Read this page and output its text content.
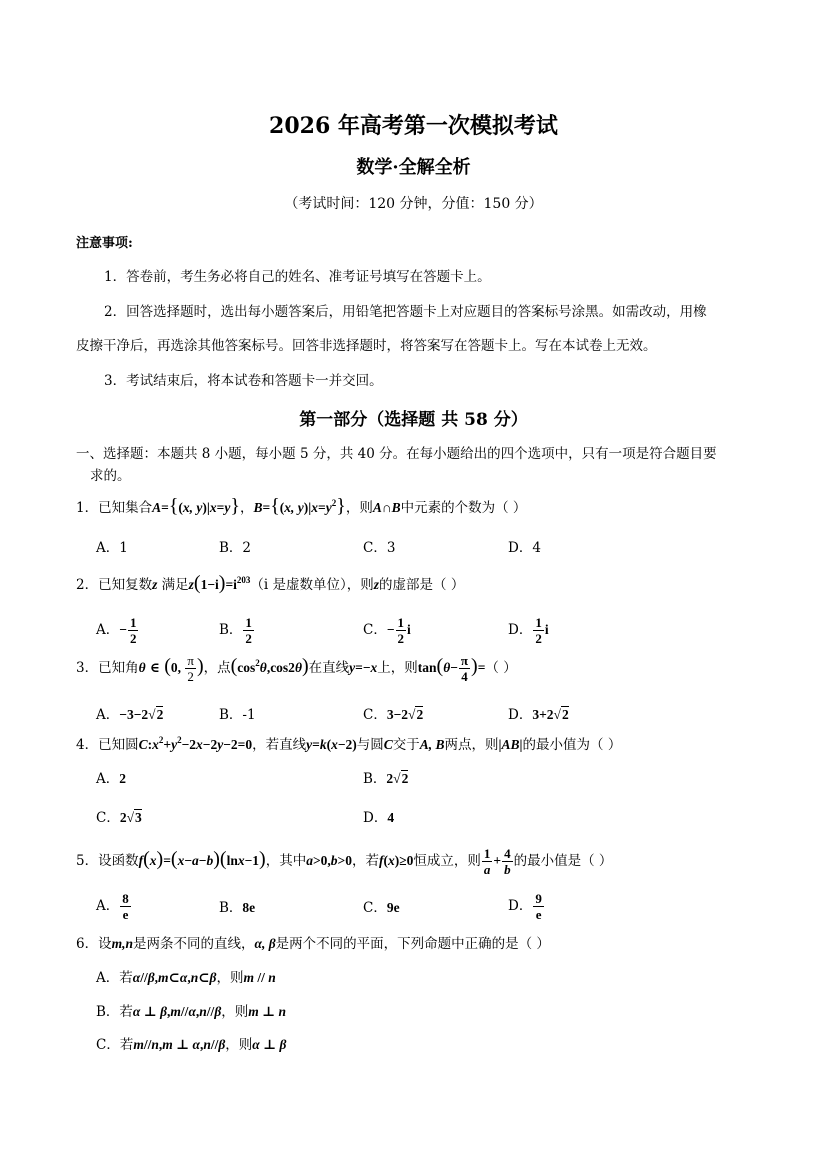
2026 年高考第一次模拟考试
数学·全解全析
（考试时间：120 分钟，分值：150 分）
注意事项:
1．答卷前，考生务必将自己的姓名、准考证号填写在答题卡上。
2．回答选择题时，选出每小题答案后，用铅笔把答题卡上对应题目的答案标号涂黑。如需改动，用橡
皮擦干净后，再选涂其他答案标号。回答非选择题时，将答案写在答题卡上。写在本试卷上无效。
3．考试结束后，将本试卷和答题卡一并交回。
第一部分（选择题 共 58 分）
一、选择题：本题共 8 小题，每小题 5 分，共 40 分。在每小题给出的四个选项中，只有一项是符合题目要
求的。
1．已知集合A={(x, y)|x=y}，B={(x, $y)|x=y^2$}，则A∩B中元素的个数为（ ）
A．1	B．2	C．3	D．4
2．已知复数z 满足$z(1-i)=i^{203}(i$ 是虚数单位），则z的虚部是（ ）
A．− $\frac{1}{2}$	B． $\frac{1}{2}$	C．− $\frac{1}{2}$ i	D． $\frac{1}{2}$ i
3．已知角θ ∈ (0, $\frac{\pi}{2}$ )，点$(\cos^2\theta,\cos 2\theta)$在直线y=−x上，则$\tan(\theta- \frac{\pi}{4}$ )=（ ）
A．−3−2√2	B．-1	C．3−2√2	D．3+2√2
4．已知圆$C:x^2+y^2-2x-2y-2=0$，若直线y=k(x−2)与圆C交于A, B两点，则|AB|的最小值为（ ）
A．2	B．2√2
C．2√3	D．4
5．设函数f(x)=(x−a−b)(lnx−1)，其中a>0,b>0，若f(x)≥0恒成立，则 $\frac{1}{a} + \frac{4}{b}$ 的最小值是（ ）
A． $\frac{8}{e}$	B．8e	C．9e	D． $\frac{9}{e}$
6．设m,n是两条不同的直线，α, β是两个不同的平面，下列命题中正确的是（ ）
A．若α//β,m⊂α,n⊂β，则m // n
B．若α ⊥ β,m//α,n//β，则m ⊥ n
C．若m//n,m ⊥ α,n//β，则α ⊥ β
